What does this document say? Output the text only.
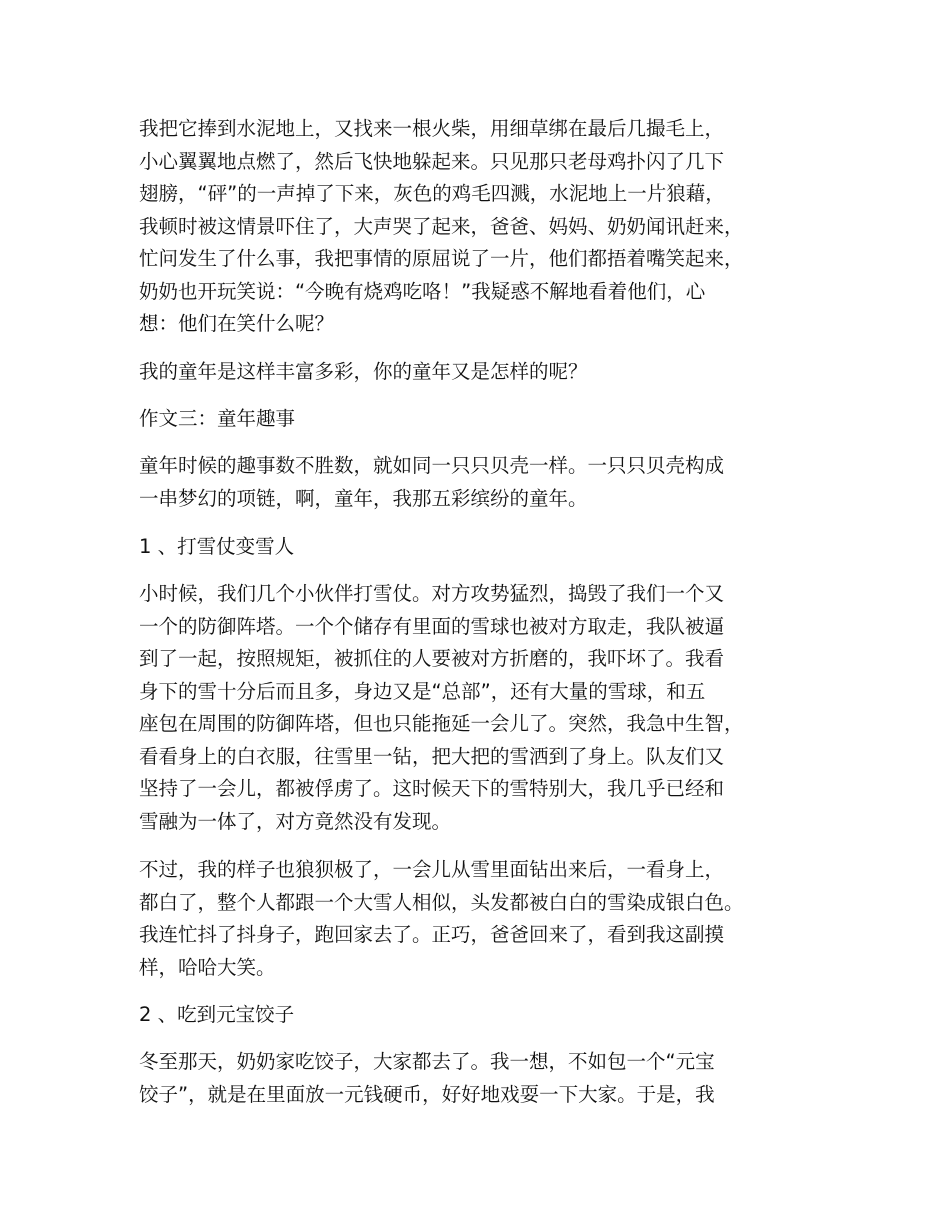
我把它捧到水泥地上，又找来一根火柴，用细草绑在最后几撮毛上，
小心翼翼地点燃了，然后飞快地躲起来。只见那只老母鸡扑闪了几下
翅膀，“砰”的一声掉了下来，灰色的鸡毛四溅，水泥地上一片狼藉，
我顿时被这情景吓住了，大声哭了起来，爸爸、妈妈、奶奶闻讯赶来，
忙问发生了什么事，我把事情的原屈说了一片，他们都捂着嘴笑起来，
奶奶也开玩笑说：“今晚有烧鸡吃咯！”我疑惑不解地看着他们，心
想：他们在笑什么呢？

我的童年是这样丰富多彩，你的童年又是怎样的呢？

作文三：童年趣事

童年时候的趣事数不胜数，就如同一只只贝壳一样。一只只贝壳构成
一串梦幻的项链，啊，童年，我那五彩缤纷的童年。

1 、打雪仗变雪人

小时候，我们几个小伙伴打雪仗。对方攻势猛烈，捣毁了我们一个又
一个的防御阵塔。一个个储存有里面的雪球也被对方取走，我队被逼
到了一起，按照规矩，被抓住的人要被对方折磨的，我吓坏了。我看
身下的雪十分后而且多，身边又是“总部”，还有大量的雪球，和五
座包在周围的防御阵塔，但也只能拖延一会儿了。突然，我急中生智，
看看身上的白衣服，往雪里一钻，把大把的雪洒到了身上。队友们又
坚持了一会儿，都被俘虏了。这时候天下的雪特别大，我几乎已经和
雪融为一体了，对方竟然没有发现。

不过，我的样子也狼狈极了，一会儿从雪里面钻出来后，一看身上，
都白了，整个人都跟一个大雪人相似，头发都被白白的雪染成银白色。
我连忙抖了抖身子，跑回家去了。正巧，爸爸回来了，看到我这副摸
样，哈哈大笑。

2 、吃到元宝饺子

冬至那天，奶奶家吃饺子，大家都去了。我一想，不如包一个“元宝
饺子”，就是在里面放一元钱硬币，好好地戏耍一下大家。于是，我
